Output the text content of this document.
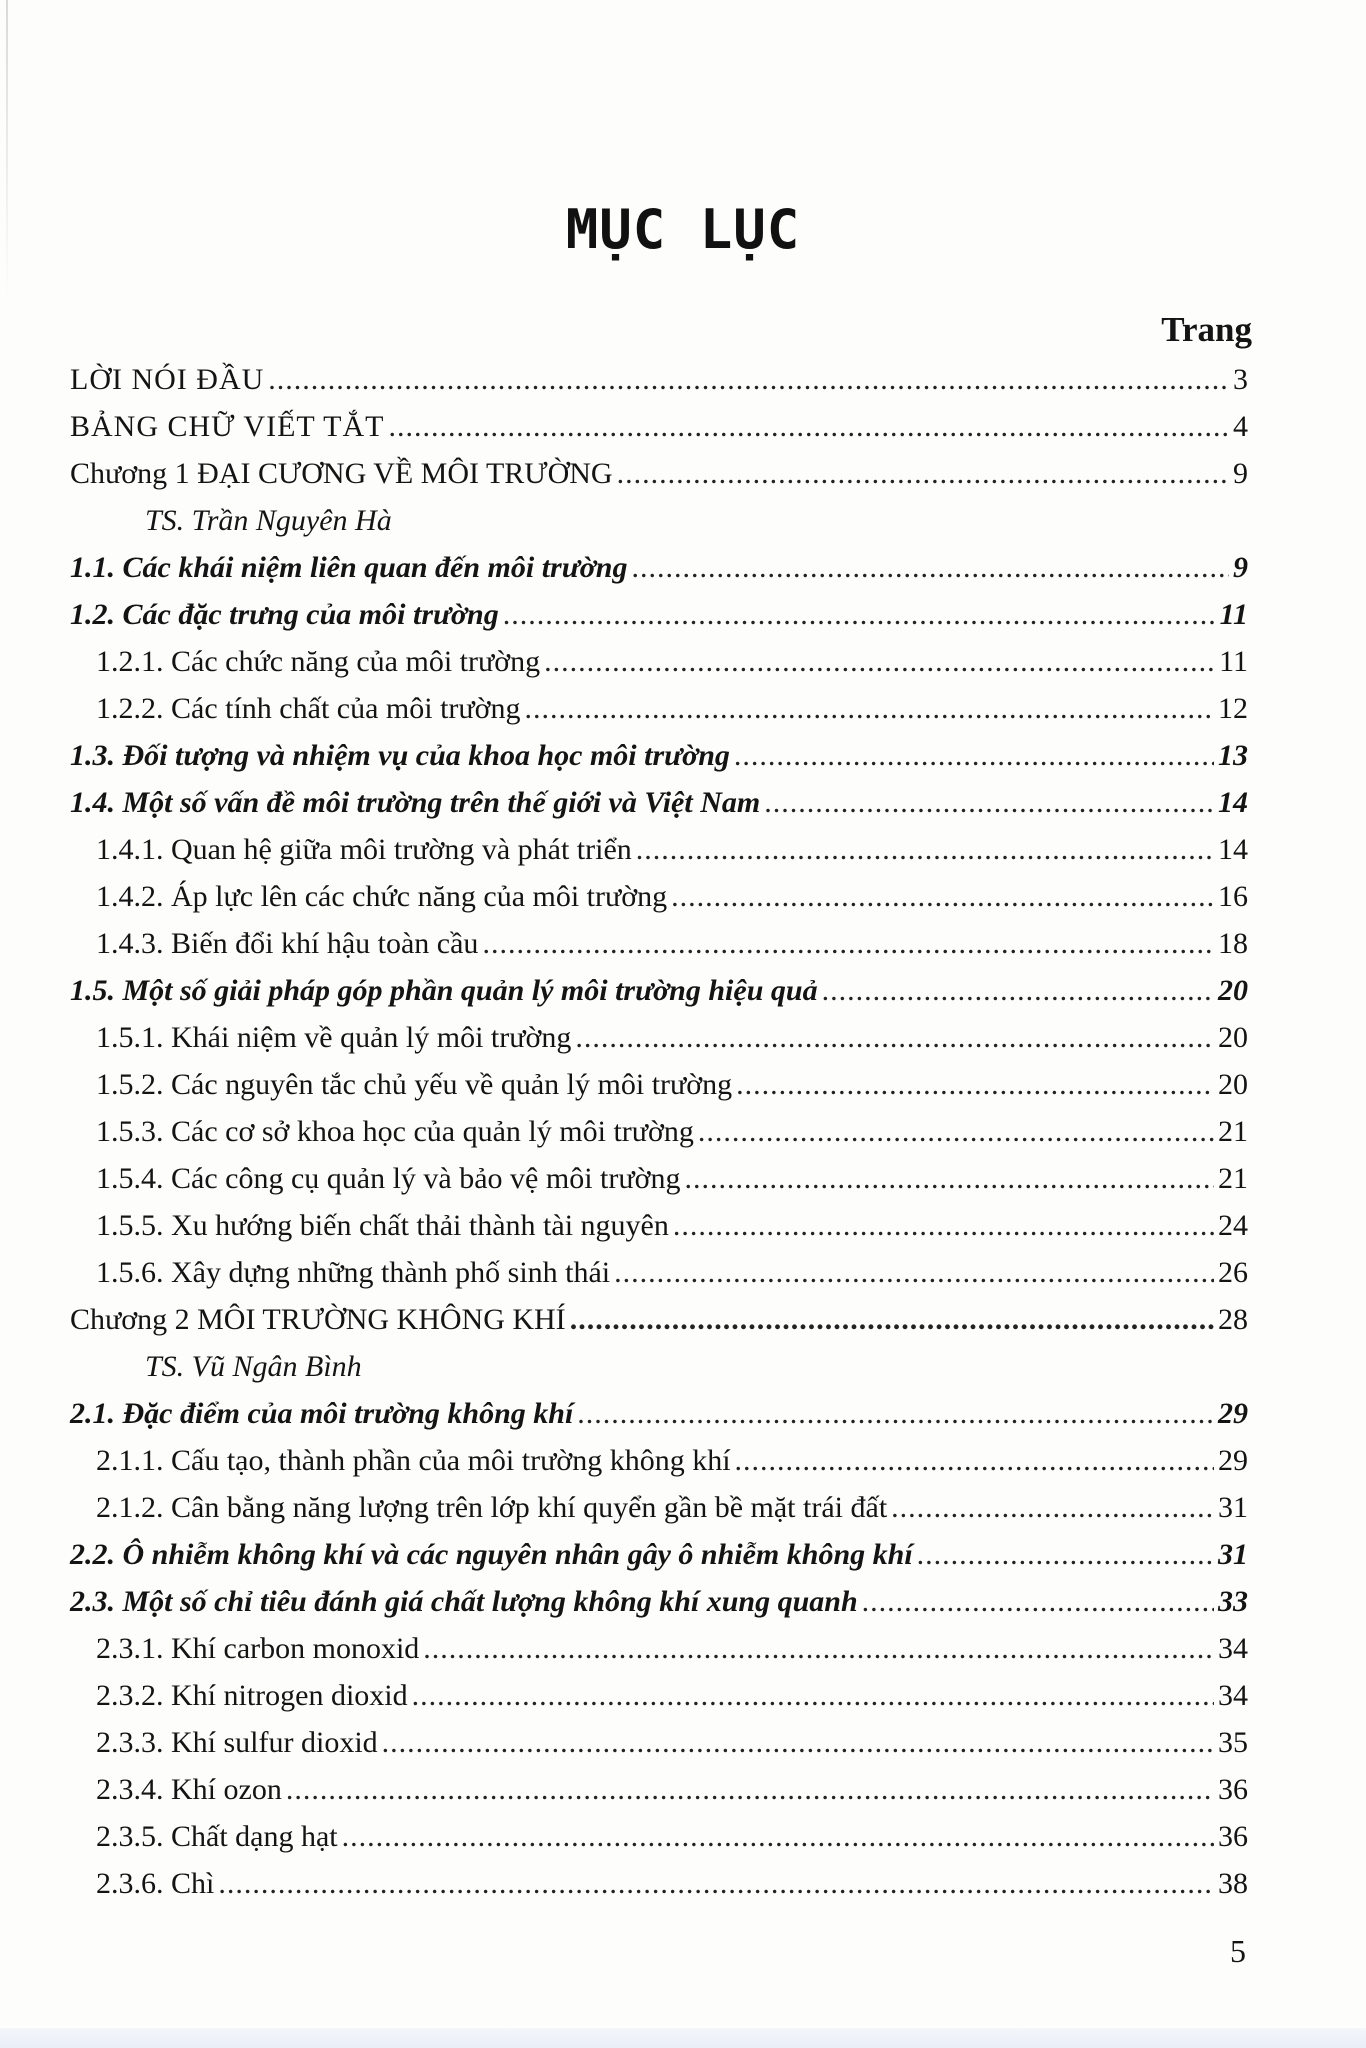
MỤC LỤC
Trang
LỜI NÓI ĐẦU .....	3
BẢNG CHỮ VIẾT TẮT .....	4
Chương 1 ĐẠI CƯƠNG VỀ MÔI TRƯỜNG .....	9
TS. Trần Nguyên Hà
1.1. Các khái niệm liên quan đến môi trường .....	9
1.2. Các đặc trưng của môi trường .....	11
1.2.1. Các chức năng của môi trường .....	11
1.2.2. Các tính chất của môi trường .....	12
1.3. Đối tượng và nhiệm vụ của khoa học môi trường .....	13
1.4. Một số vấn đề môi trường trên thế giới và Việt Nam .....	14
1.4.1. Quan hệ giữa môi trường và phát triển .....	14
1.4.2. Áp lực lên các chức năng của môi trường .....	16
1.4.3. Biến đổi khí hậu toàn cầu .....	18
1.5. Một số giải pháp góp phần quản lý môi trường hiệu quả .....	20
1.5.1. Khái niệm về quản lý môi trường .....	20
1.5.2. Các nguyên tắc chủ yếu về quản lý môi trường .....	20
1.5.3. Các cơ sở khoa học của quản lý môi trường .....	21
1.5.4. Các công cụ quản lý và bảo vệ môi trường .....	21
1.5.5. Xu hướng biến chất thải thành tài nguyên .....	24
1.5.6. Xây dựng những thành phố sinh thái .....	26
Chương 2 MÔI TRƯỜNG KHÔNG KHÍ .....	28
TS. Vũ Ngân Bình
2.1. Đặc điểm của môi trường không khí .....	29
2.1.1. Cấu tạo, thành phần của môi trường không khí .....	29
2.1.2. Cân bằng năng lượng trên lớp khí quyển gần bề mặt trái đất .....	31
2.2. Ô nhiễm không khí và các nguyên nhân gây ô nhiễm không khí .....	31
2.3. Một số chỉ tiêu đánh giá chất lượng không khí xung quanh .....	33
2.3.1. Khí carbon monoxid .....	34
2.3.2. Khí nitrogen dioxid .....	34
2.3.3. Khí sulfur dioxid .....	35
2.3.4. Khí ozon .....	36
2.3.5. Chất dạng hạt .....	36
2.3.6. Chì .....	38
5
